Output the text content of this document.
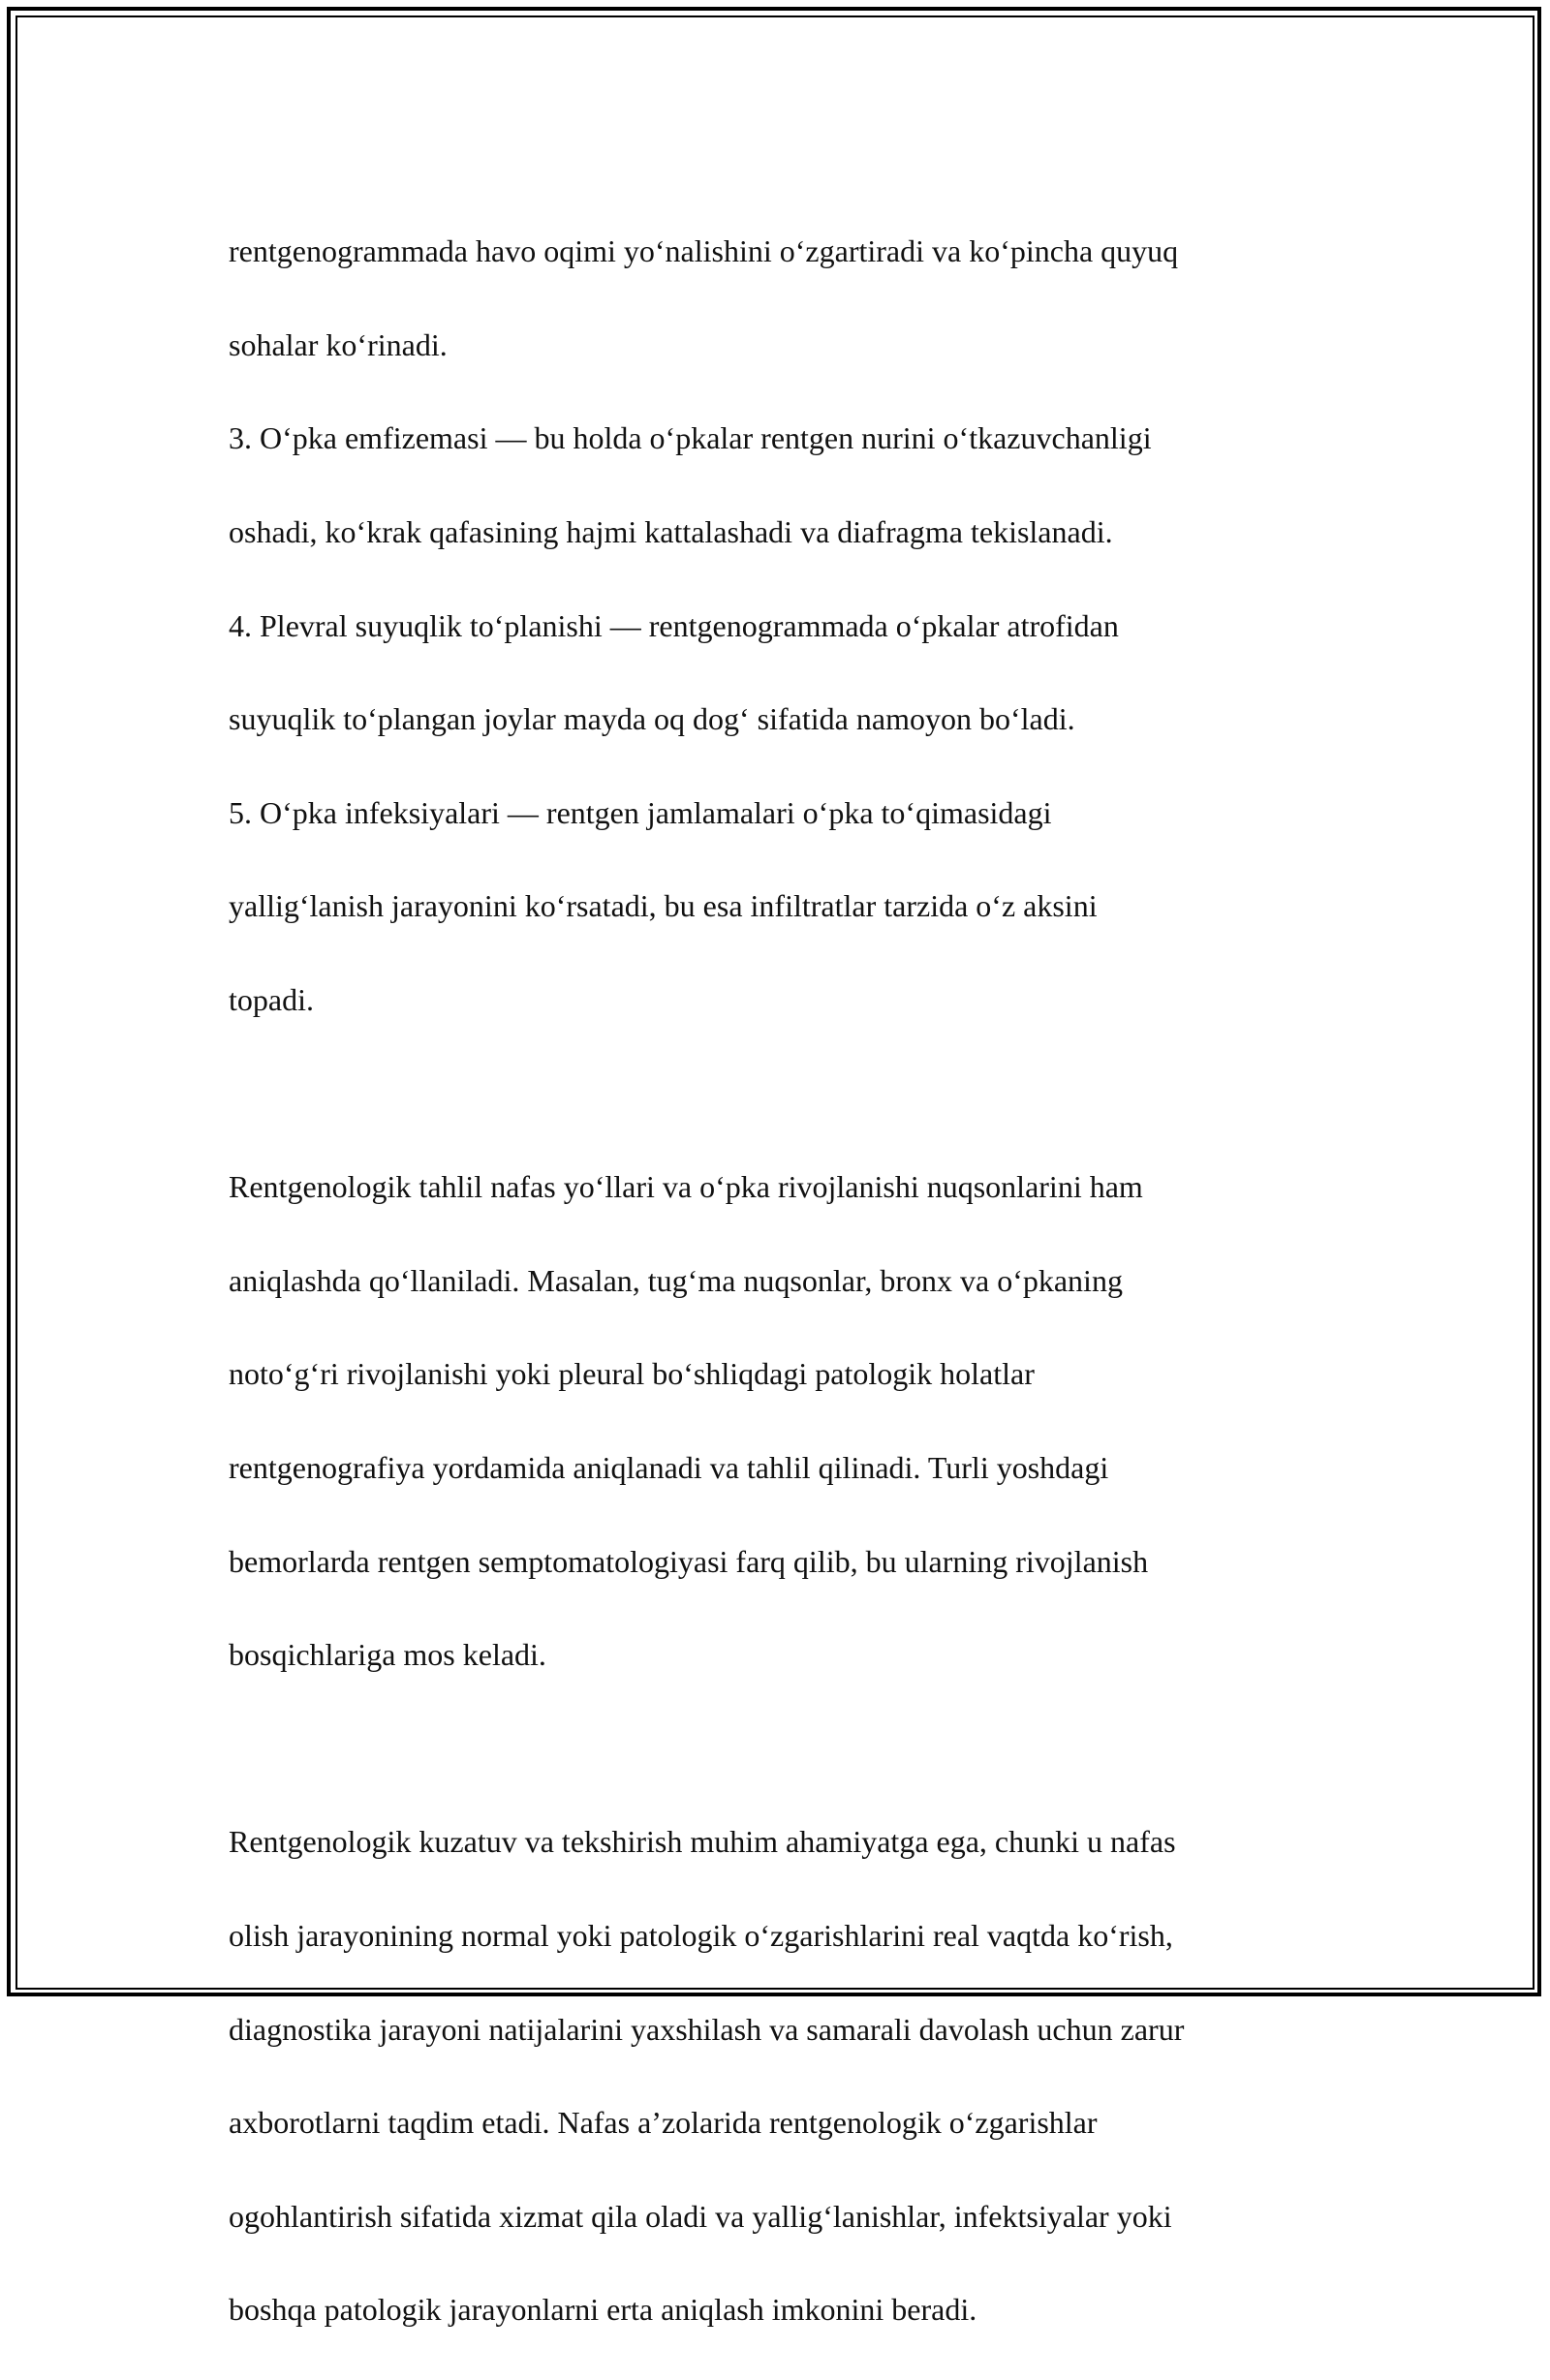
rentgenogrammada havo oqimi yo‘nalishini o‘zgartiradi va ko‘pincha quyuq

sohalar ko‘rinadi.

3. O‘pka emfizemasi — bu holda o‘pkalar rentgen nurini o‘tkazuvchanligi

oshadi, ko‘krak qafasining hajmi kattalashadi va diafragma tekislanadi.

4. Plevral suyuqlik to‘planishi — rentgenogrammada o‘pkalar atrofidan

suyuqlik to‘plangan joylar mayda oq dog‘ sifatida namoyon bo‘ladi.

5. O‘pka infeksiyalari — rentgen jamlamalari o‘pka to‘qimasidagi

yallig‘lanish jarayonini ko‘rsatadi, bu esa infiltratlar tarzida o‘z aksini

topadi.

Rentgenologik tahlil nafas yo‘llari va o‘pka rivojlanishi nuqsonlarini ham

aniqlashda qo‘llaniladi. Masalan, tug‘ma nuqsonlar, bronx va o‘pkaning

noto‘g‘ri rivojlanishi yoki pleural bo‘shliqdagi patologik holatlar

rentgenografiya yordamida aniqlanadi va tahlil qilinadi. Turli yoshdagi

bemorlarda rentgen semptomatologiyasi farq qilib, bu ularning rivojlanish

bosqichlariga mos keladi.

Rentgenologik kuzatuv va tekshirish muhim ahamiyatga ega, chunki u nafas

olish jarayonining normal yoki patologik o‘zgarishlarini real vaqtda ko‘rish,

diagnostika jarayoni natijalarini yaxshilash va samarali davolash uchun zarur

axborotlarni taqdim etadi. Nafas a’zolarida rentgenologik o‘zgarishlar

ogohlantirish sifatida xizmat qila oladi va yallig‘lanishlar, infektsiyalar yoki

boshqa patologik jarayonlarni erta aniqlash imkonini beradi.
